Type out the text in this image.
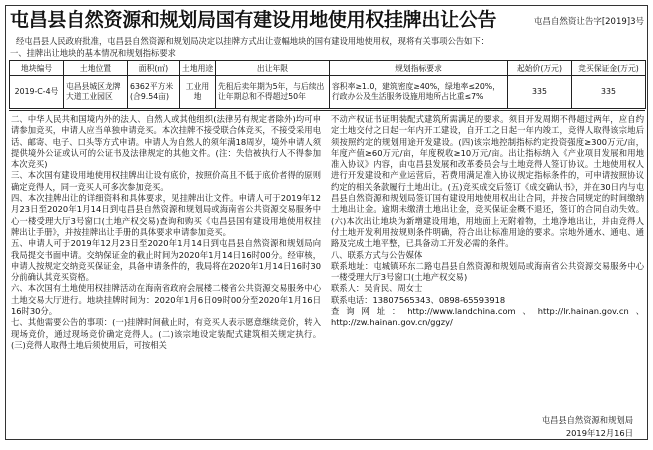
屯昌县自然资源和规划局国有建设用地使用权挂牌出让公告	屯昌自然资让告字[2019]3号
经屯昌县人民政府批准，屯昌县自然资源和规划局决定以挂牌方式出让壹幅地块的国有建设用地使用权，现将有关事项公告如下：
一、挂牌出让地块的基本情况和规划指标要求
地块编号	土地位置	面积(㎡)	土地用途	出让年限	规划指标要求	起始价(万元)	竞买保证金(万元)
2019-C-4号	屯昌县城区龙牌大道工业园区	6362平方米(合9.54亩)	工业用地	先租后卖年期为5年，与后续出让年期总和不得超过50年	容积率≥1.0，建筑密度≥40%，绿地率≤20%，行政办公及生活服务设施用地所占比重≤7%	335	335

二、中华人民共和国境内外的法人、自然人或其他组织(法律另有规定者除外)均可申请参加竞买，申请人应当单独申请竞买。本次挂牌不接受联合体竞买，不接受采用电话、邮寄、电子、口头等方式申请。申请人为自然人的须年满18周岁，境外申请人须提供境外公证或认可的公证书及法律规定的其他文件。(注：失信被执行人不得参加本次竞买)

三、本次国有建设用地使用权挂牌出让设有底价，按照价高且不低于底价者得的原则确定竞得人，同一竞买人可多次参加竞买。

四、本次挂牌出让的详细资料和具体要求，见挂牌出让文件。申请人可于2019年12月23日至2020年1月14日到屯昌县自然资源和规划局或海南省公共资源交易服务中心一楼受理大厅3号窗口(土地产权交易)查询和购买《屯昌县国有建设用地使用权挂牌出让手册》，并按挂牌出让手册的具体要求申请参加竞买。

五、申请人可于2019年12月23日至2020年1月14日到屯昌县自然资源和规划局向我局提交书面申请。交纳保证金的截止时间为2020年1月14日16时00分。经审核，申请人按规定交纳竞买保证金，具备申请条件的，我局将在2020年1月14日16时30分前确认其竞买资格。

六、本次国有土地使用权挂牌活动在海南省政府会展楼二楼省公共资源交易服务中心土地交易大厅进行。地块挂牌时间为：2020年1月6日09时00分至2020年1月16日16时30分。

七、其他需要公告的事项：(一)挂牌时间截止时，有竞买人表示愿意继续竞价，转入现场竞价，通过现场竞价确定竞得人。(二)该宗地设定装配式建筑相关规定执行。(三)竞得人取得土地后须使用后，可按相关

不动产权证书证明装配式建筑所需满足的要求。须目开发周期不得超过两年，应自约定土地交付之日起一年内开工建设，自开工之日起一年内竣工，竞得人取得该宗地后须按照约定的规划用途开发建设。(四)该宗地控制指标约定投资强度≥300万元/亩，年度产值≥60万元/亩，年度税收≥10万元/亩。出让指标纳入《产业项目发展和用地准入协议》内容，由屯昌县发展和改革委员会与土地竞得人签订协议。土地使用权人进行开发建设和产业运营后，若费用满足准入协议规定指标条件的，可申请按照协议约定的相关条款履行土地出让。(五)竞买成交后签订《成交确认书》，并在30日内与屯昌县自然资源和规划局签订国有建设用地使用权出让合同，并按合同规定的时间缴纳土地出让金。逾期未缴清土地出让金，竞买保证金概不退还，签订的合同自动失效。(六)本次出让地块为新增建设用地，用地面上无附着物，土地净地出让，并由竞得人付土地开发利用按规则条件明确，符合出让标准用途的要求。宗地外通水、通电、通路及完成土地平整，已具备动工开发必需的条件。

八、联系方式与公告媒体

联系地址：屯城镇环东二路屯昌县自然资源和规划局或海南省公共资源交易服务中心一楼受理大厅3号窗口(土地产权交易)

联系人：吴肯民、周女士

联系电话：13807565343、0898-65593918

查询网址：http://www.landchina.com、http://lr.hainan.gov.cn、http://zw.hainan.gov.cn/ggzy/

屯昌县自然资源和规划局
2019年12月16日
